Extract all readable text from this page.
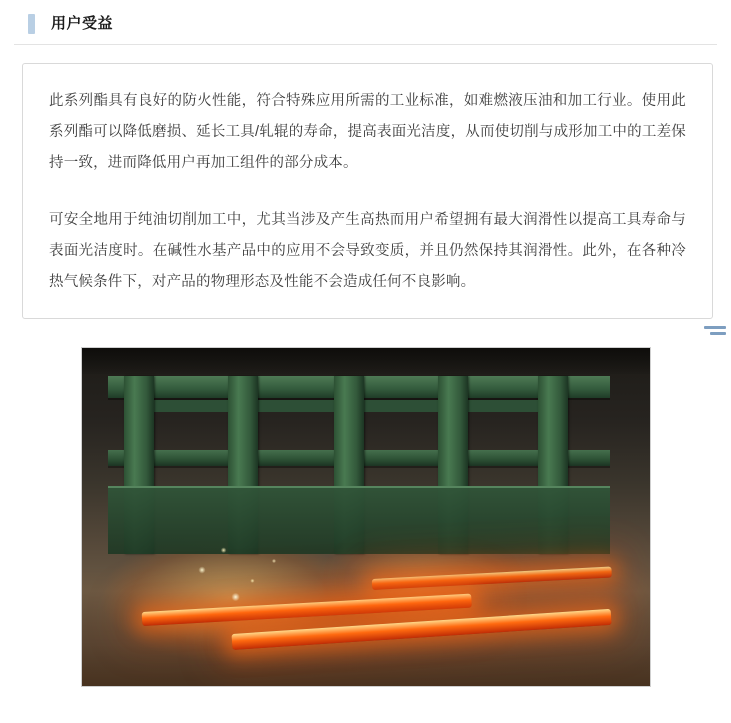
用户受益

此系列酯具有良好的防火性能，符合特殊应用所需的工业标准，如难燃液压油和加工行业。使用此系列酯可以降低磨损、延长工具/轧辊的寿命，提高表面光洁度，从而使切削与成形加工中的工差保持一致，进而降低用户再加工组件的部分成本。

可安全地用于纯油切削加工中，尤其当涉及产生高热而用户希望拥有最大润滑性以提高工具寿命与表面光洁度时。在碱性水基产品中的应用不会导致变质，并且仍然保持其润滑性。此外，在各种冷热气候条件下，对产品的物理形态及性能不会造成任何不良影响。
